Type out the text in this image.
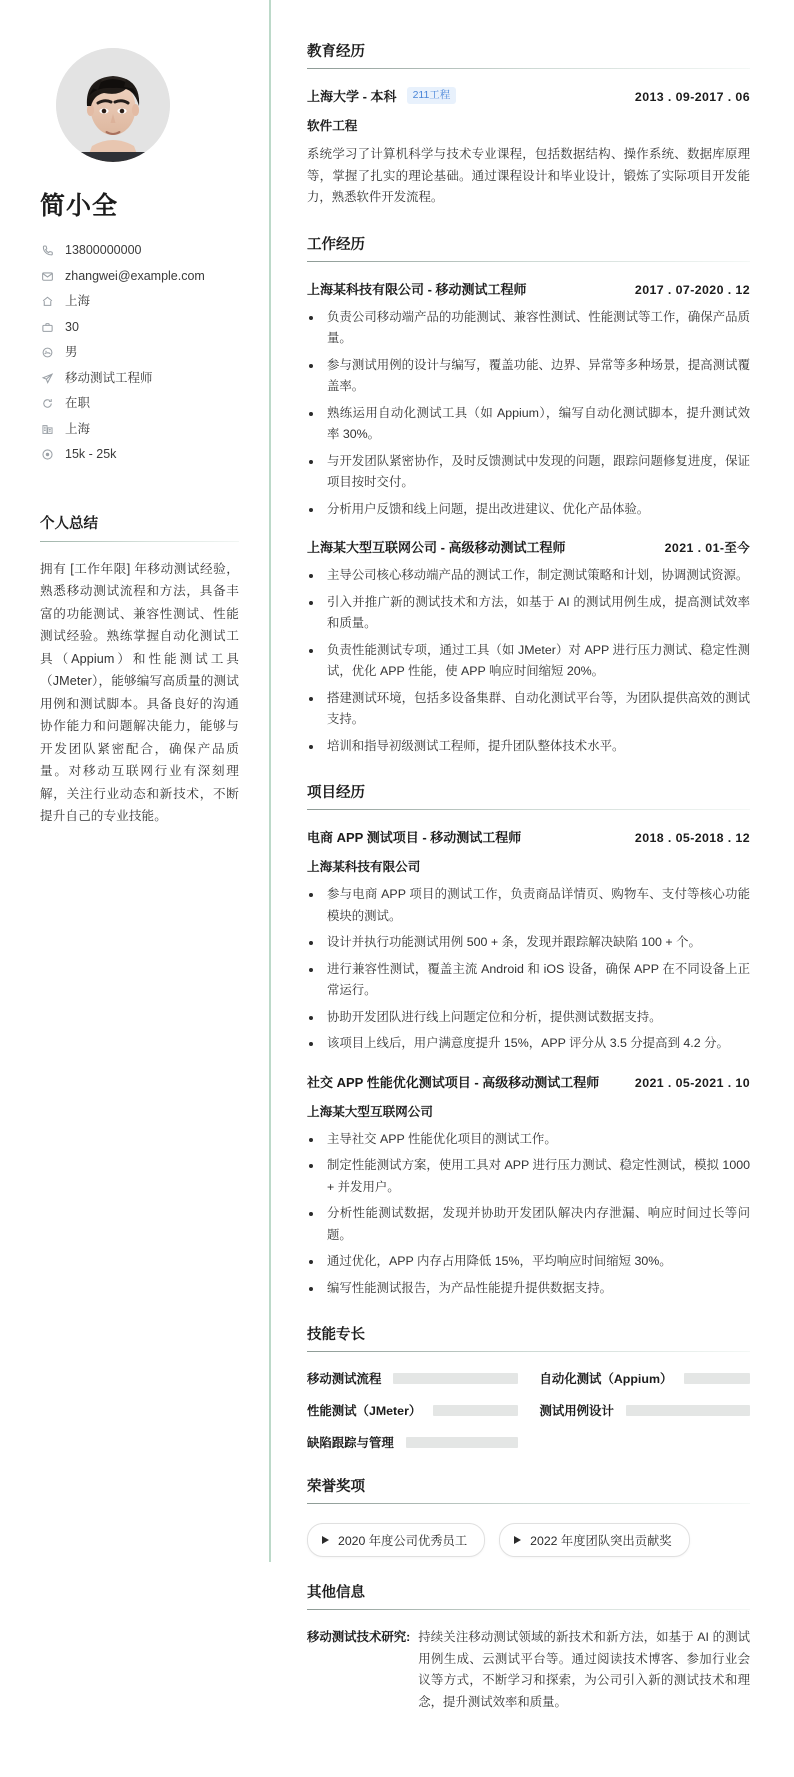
简小全
13800000000
zhangwei@example.com
上海
30
男
移动测试工程师
在职
上海
15k - 25k
个人总结

拥有 [工作年限] 年移动测试经验，熟悉移动测试流程和方法，具备丰富的功能测试、兼容性测试、性能测试经验。熟练掌握自动化测试工具（Appium）和性能测试工具（JMeter），能够编写高质量的测试用例和测试脚本。具备良好的沟通协作能力和问题解决能力，能够与开发团队紧密配合，确保产品质量。对移动互联网行业有深刻理解，关注行业动态和新技术，不断提升自己的专业技能。

教育经历
上海大学 - 本科	211工程	2013 . 09-2017 . 06
软件工程

系统学习了计算机科学与技术专业课程，包括数据结构、操作系统、数据库原理等，掌握了扎实的理论基础。通过课程设计和毕业设计，锻炼了实际项目开发能力，熟悉软件开发流程。

工作经历
上海某科技有限公司 - 移动测试工程师	2017 . 07-2020 . 12
负责公司移动端产品的功能测试、兼容性测试、性能测试等工作，确保产品质量。
参与测试用例的设计与编写，覆盖功能、边界、异常等多种场景，提高测试覆盖率。
熟练运用自动化测试工具（如 Appium），编写自动化测试脚本，提升测试效率 30%。
与开发团队紧密协作，及时反馈测试中发现的问题，跟踪问题修复进度，保证项目按时交付。
分析用户反馈和线上问题，提出改进建议、优化产品体验。
上海某大型互联网公司 - 高级移动测试工程师	2021 . 01-至今
主导公司核心移动端产品的测试工作，制定测试策略和计划，协调测试资源。
引入并推广新的测试技术和方法，如基于 AI 的测试用例生成，提高测试效率和质量。
负责性能测试专项，通过工具（如 JMeter）对 APP 进行压力测试、稳定性测试，优化 APP 性能，使 APP 响应时间缩短 20%。
搭建测试环境，包括多设备集群、自动化测试平台等，为团队提供高效的测试支持。
培训和指导初级测试工程师，提升团队整体技术水平。
项目经历
电商 APP 测试项目 - 移动测试工程师	2018 . 05-2018 . 12
上海某科技有限公司
参与电商 APP 项目的测试工作，负责商品详情页、购物车、支付等核心功能模块的测试。
设计并执行功能测试用例 500 + 条，发现并跟踪解决缺陷 100 + 个。
进行兼容性测试，覆盖主流 Android 和 iOS 设备，确保 APP 在不同设备上正常运行。
协助开发团队进行线上问题定位和分析，提供测试数据支持。
该项目上线后，用户满意度提升 15%，APP 评分从 3.5 分提高到 4.2 分。
社交 APP 性能优化测试项目 - 高级移动测试工程师	2021 . 05-2021 . 10
上海某大型互联网公司
主导社交 APP 性能优化项目的测试工作。
制定性能测试方案，使用工具对 APP 进行压力测试、稳定性测试，模拟 1000 + 并发用户。
分析性能测试数据，发现并协助开发团队解决内存泄漏、响应时间过长等问题。
通过优化，APP 内存占用降低 15%，平均响应时间缩短 30%。
编写性能测试报告，为产品性能提升提供数据支持。
技能专长
移动测试流程	自动化测试（Appium）
性能测试（JMeter）	测试用例设计
缺陷跟踪与管理
荣誉奖项
2020 年度公司优秀员工	2022 年度团队突出贡献奖
其他信息
移动测试技术研究: 持续关注移动测试领域的新技术和新方法，如基于 AI 的测试用例生成、云测试平台等。通过阅读技术博客、参加行业会议等方式，不断学习和探索，为公司引入新的测试技术和理念，提升测试效率和质量。
